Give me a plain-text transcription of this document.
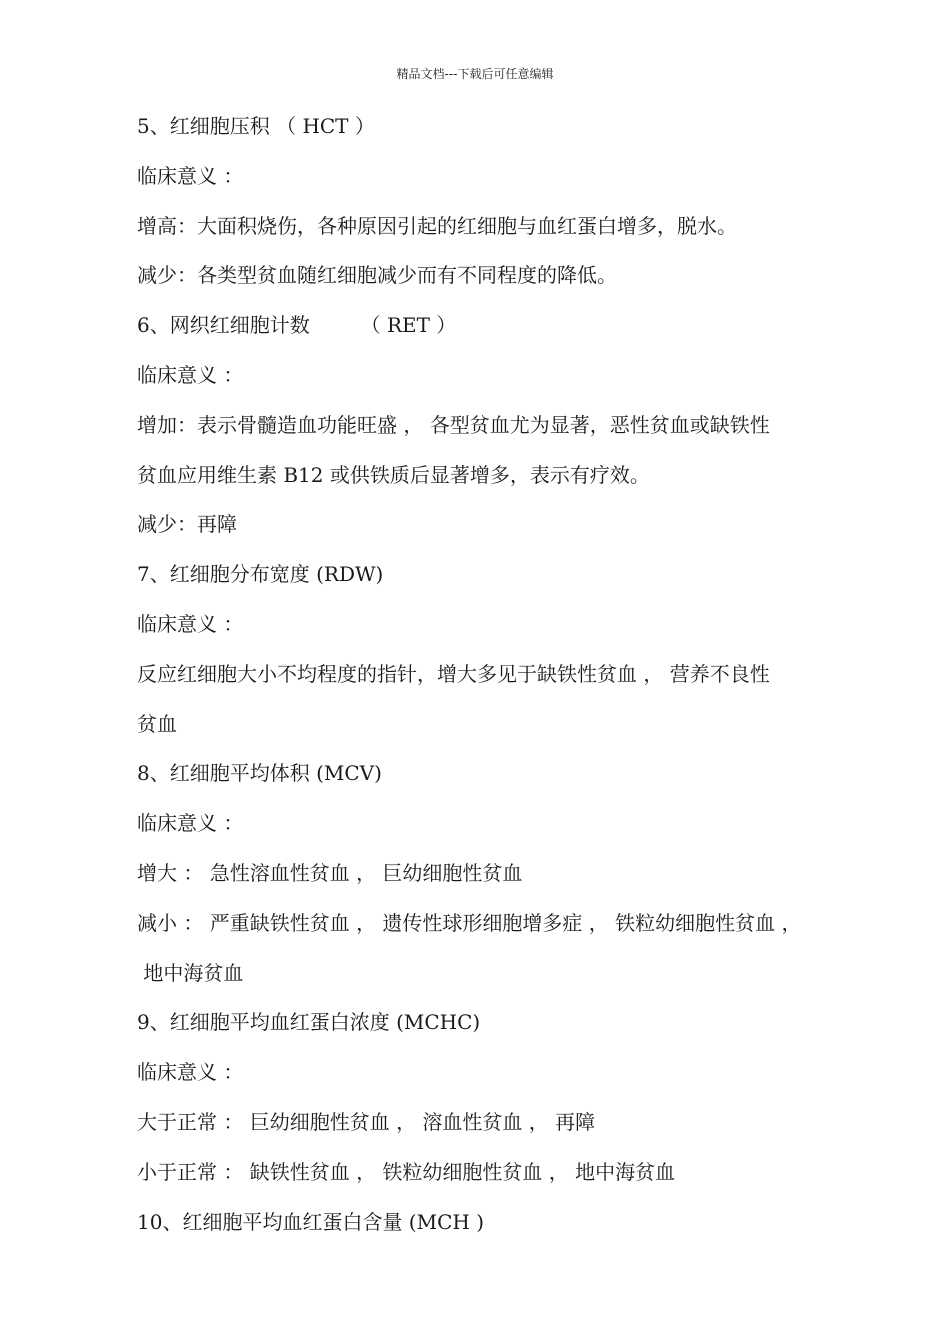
精品文档---下载后可任意编辑
5、红细胞压积 （ HCT ）
临床意义 ：
增高：大面积烧伤，各种原因引起的红细胞与血红蛋白增多，脱水。
减少：各类型贫血随红细胞减少而有不同程度的降低。
6、网织红细胞计数        （ RET ）
临床意义 ：
增加：表示骨髓造血功能旺盛 ， 各型贫血尤为显著，恶性贫血或缺铁性
贫血应用维生素 B12 或供铁质后显著增多，表示有疗效。
减少：再障
7、红细胞分布宽度 (RDW)
临床意义 ：
反应红细胞大小不均程度的指针，增大多见于缺铁性贫血 ， 营养不良性
贫血
8、红细胞平均体积 (MCV)
临床意义 ：
增大 ： 急性溶血性贫血 ， 巨幼细胞性贫血
减小 ： 严重缺铁性贫血 ， 遗传性球形细胞增多症 ， 铁粒幼细胞性贫血 ，
地中海贫血
9、红细胞平均血红蛋白浓度 (MCHC)
临床意义 ：
大于正常 ： 巨幼细胞性贫血 ， 溶血性贫血 ， 再障
小于正常 ： 缺铁性贫血 ， 铁粒幼细胞性贫血 ， 地中海贫血
10、红细胞平均血红蛋白含量 (MCH )
